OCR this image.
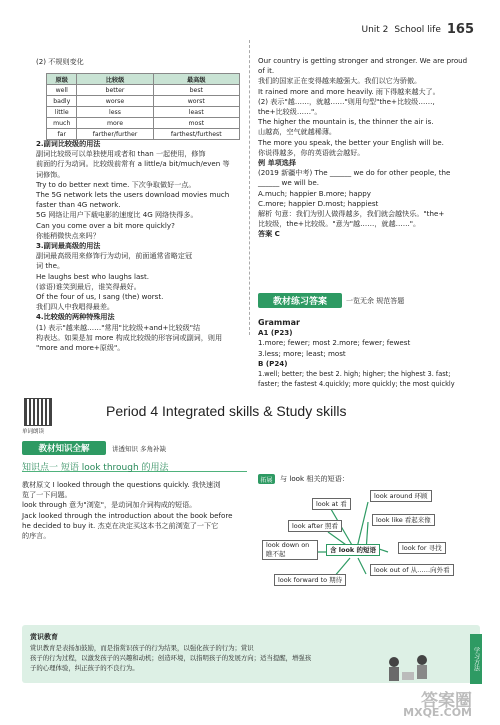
Unit 2 School life 165
(2) 不规则变化
原级	比较级	最高级
well	better	best
badly	worse	worst
little	less	least
much	more	most
far	farther/further	farthest/furthest
2.副词比较级的用法
副词比较级可以单独使用或者和 than 一起使用，修饰
前面的行为动词。比较级前常有 a little/a bit/much/even 等
词修饰。
Try to do better next time. 下次争取做好一点。
The 5G network lets the users download movies much
faster than 4G network.
5G 网络让用户下载电影的速度比 4G 网络快得多。
Can you come over a bit more quickly?
你能稍微快点来吗？
3.副词最高级的用法
副词最高级用来修饰行为动词，前面通常省略定冠
词 the。
He laughs best who laughs last.
(谚语)谁笑到最后，谁笑得最好。
Of the four of us, I sang (the) worst.
我们四人中我唱得最差。
4.比较级的两种特殊用法
(1) 表示"越来越……"常用"比较级+and+比较级"结
构表达。如果是加 more 构成比较级的形容词或副词，则用
"more and more+原级"。
Our country is getting stronger and stronger. We are proud
of it.
我们的国家正在变得越来越强大。我们以它为骄傲。
It rained more and more heavily. 雨下得越来越大了。
(2) 表示"越……，就越……"则用句型"the+比较级……,
the+比较级……"。
The higher the mountain is, the thinner the air is.
山越高，空气就越稀薄。
The more you speak, the better your English will be.
你说得越多，你的英语就会越好。
例 单项选择
(2019 新疆中考) The ______ we do for other people, the
______ we will be.
A.much; happier B.more; happy
C.more; happier D.most; happiest
解析 句意：我们为别人做得越多，我们就会越快乐。"the+
比较级，the+比较级。"意为"越……，就越……"。
答案 C
教材练习答案	一览无余 规范答题
Grammar
A1 (P23)
1.more; fewer; most 2.more; fewer; fewest
3.less; more; least; most
B (P24)
1.well; better; the best 2. high; higher; the highest 3. fast;
faster; the fastest 4.quickly; more quickly; the most quickly
单词朗读
Period 4 Integrated skills & Study skills
教材知识全解	讲透知识 多角补缺
知识点一 短语 look through 的用法
教材原文 I looked through the questions quickly. 我快速浏
览了一下问题。
look through 意为"浏览"，是动词加介词构成的短语。
Jack looked through the introduction about the book before
he decided to buy it. 杰克在决定买这本书之前浏览了一下它
的序言。
拓展	与 look 相关的短语：
look at 看
look around 环顾
look like 看起来像
look after 照看
look down on 瞧不起	含 look 的短语	look for 寻找
look out of 从……向外看
look forward to 期待
赏识教育
赏识教育是表扬加鼓励，而是指赏识孩子的行为结果，以强化孩子的行为；赏识
孩子的行为过程，以激发孩子的兴趣和动机；创造环境，以指明孩子的发展方向；适当提醒，增强孩
子的心理体验，纠正孩子的不良行为。	学习方法
答案圈
MXQE.COM
